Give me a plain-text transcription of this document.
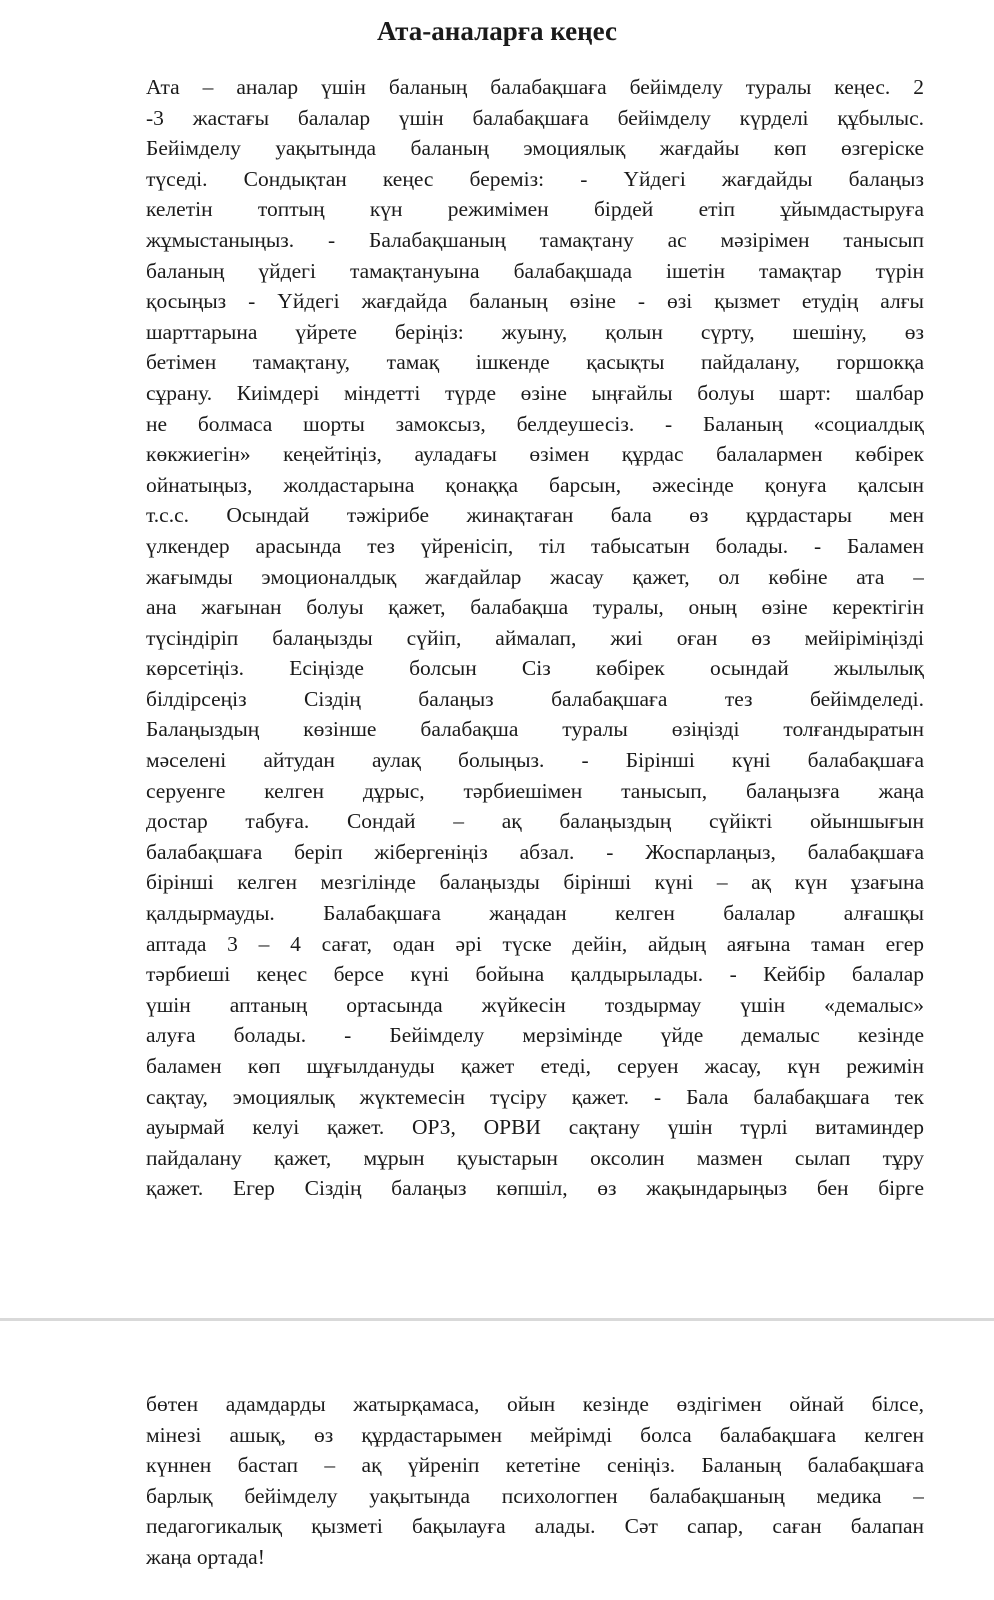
Ата-аналарға кеңес
Ата – аналар үшін баланың балабақшаға бейімделу туралы кеңес. 2
-3 жастағы балалар үшін балабақшаға бейімделу күрделі құбылыс.
Бейімделу уақытында баланың эмоциялық жағдайы көп өзгеріске
түседі. Сондықтан кеңес береміз: - Үйдегі жағдайды балаңыз
келетін топтың күн режимімен бірдей етіп ұйымдастыруға
жұмыстаныңыз. - Балабақшаның тамақтану ас мәзірімен танысып
баланың үйдегі тамақтануына балабақшада ішетін тамақтар түрін
қосыңыз - Үйдегі жағдайда баланың өзіне - өзі қызмет етудің алғы
шарттарына үйрете беріңіз: жуыну, қолын сүрту, шешіну, өз
бетімен тамақтану, тамақ ішкенде қасықты пайдалану, горшокқа
сұрану. Киімдері міндетті түрде өзіне ыңғайлы болуы шарт: шалбар
не болмаса шорты замоксыз, белдеушесіз. - Баланың «социалдық
көкжиегін» кеңейтіңіз, ауладағы өзімен құрдас балалармен көбірек
ойнатыңыз, жолдастарына қонаққа барсын, әжесінде қонуға қалсын
т.с.с. Осындай тәжірибе жинақтаған бала өз құрдастары мен
үлкендер арасында тез үйренісіп, тіл табысатын болады. - Баламен
жағымды эмоционалдық жағдайлар жасау қажет, ол көбіне ата –
ана жағынан болуы қажет, балабақша туралы, оның өзіне керектігін
түсіндіріп балаңызды сүйіп, аймалап, жиі оған өз мейіріміңізді
көрсетіңіз. Есіңізде болсын Сіз көбірек осындай жылылық
білдірсеңіз Сіздің балаңыз балабақшаға тез бейімделеді.
Балаңыздың көзінше балабақша туралы өзіңізді толғандыратын
мәселені айтудан аулақ болыңыз. - Бірінші күні балабақшаға
серуенге келген дұрыс, тәрбиешімен танысып, балаңызға жаңа
достар табуға. Сондай – ақ балаңыздың сүйікті ойыншығын
балабақшаға беріп жібергеніңіз абзал. - Жоспарлаңыз, балабақшаға
бірінші келген мезгілінде балаңызды бірінші күні – ақ күн ұзағына
қалдырмауды. Балабақшаға жаңадан келген балалар алғашқы
аптада 3 – 4 сағат, одан әрі түске дейін, айдың аяғына таман егер
тәрбиеші кеңес берсе күні бойына қалдырылады. - Кейбір балалар
үшін аптаның ортасында жүйкесін тоздырмау үшін «демалыс»
алуға болады. - Бейімделу мерзімінде үйде демалыс кезінде
баламен көп шұғылдануды қажет етеді, серуен жасау, күн режимін
сақтау, эмоциялық жүктемесін түсіру қажет. - Бала балабақшаға тек
ауырмай келуі қажет. ОРЗ, ОРВИ сақтану үшін түрлі витаминдер
пайдалану қажет, мұрын қуыстарын оксолин мазмен сылап тұру
қажет. Егер Сіздің балаңыз көпшіл, өз жақындарыңыз бен бірге
бөтен адамдарды жатырқамаса, ойын кезінде өздігімен ойнай білсе,
мінезі ашық, өз құрдастарымен мейрімді болса балабақшаға келген
күннен бастап – ақ үйреніп кететіне сеніңіз. Баланың балабақшаға
барлық бейімделу уақытында психологпен балабақшаның медика –
педагогикалық қызметі бақылауға алады. Сәт сапар, саған балапан
жаңа ортада!
